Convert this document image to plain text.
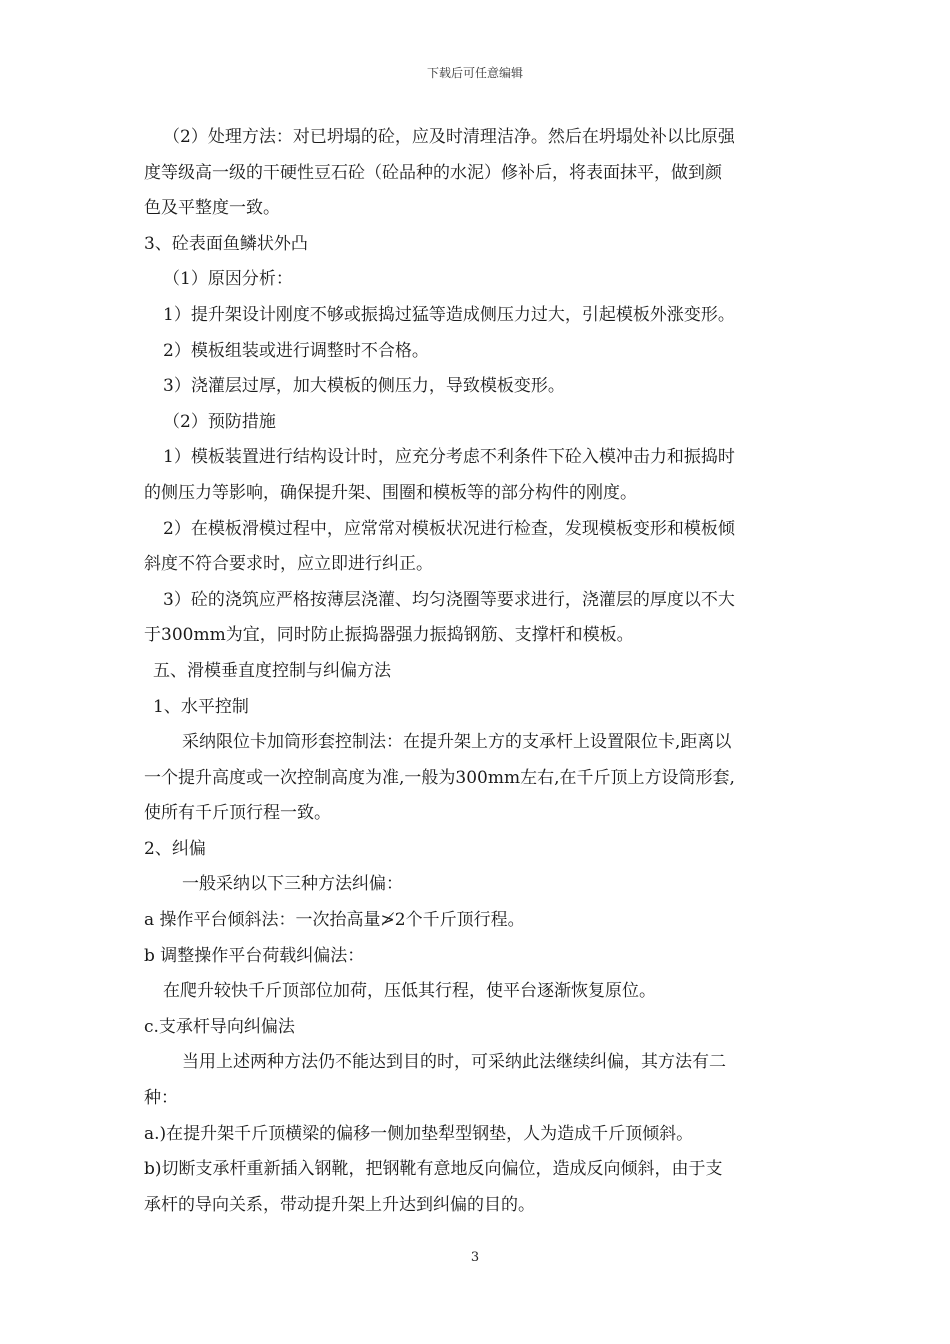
下载后可任意编辑
（2）处理方法：对已坍塌的砼，应及时清理洁净。然后在坍塌处补以比原强
度等级高一级的干硬性豆石砼（砼品种的水泥）修补后，将表面抹平，做到颜
色及平整度一致。
3、砼表面鱼鳞状外凸
（1）原因分析：
1）提升架设计刚度不够或振捣过猛等造成侧压力过大，引起模板外涨变形。
2）模板组装或进行调整时不合格。
3）浇灌层过厚，加大模板的侧压力，导致模板变形。
（2）预防措施
1）模板装置进行结构设计时，应充分考虑不利条件下砼入模冲击力和振捣时
的侧压力等影响，确保提升架、围圈和模板等的部分构件的刚度。
2）在模板滑模过程中，应常常对模板状况进行检查，发现模板变形和模板倾
斜度不符合要求时，应立即进行纠正。
3）砼的浇筑应严格按薄层浇灌、均匀浇圈等要求进行，浇灌层的厚度以不大
于300mm为宜，同时防止振捣器强力振捣钢筋、支撑杆和模板。
五、滑模垂直度控制与纠偏方法
1、水平控制
采纳限位卡加筒形套控制法：在提升架上方的支承杆上设置限位卡,距离以
一个提升高度或一次控制高度为准,一般为300mm左右,在千斤顶上方设筒形套,
使所有千斤顶行程一致。
2、纠偏
一般采纳以下三种方法纠偏：
a 操作平台倾斜法：一次抬高量≯2个千斤顶行程。
b 调整操作平台荷载纠偏法：
在爬升较快千斤顶部位加荷，压低其行程，使平台逐渐恢复原位。
c.支承杆导向纠偏法
当用上述两种方法仍不能达到目的时，可采纳此法继续纠偏，其方法有二
种：
a.)在提升架千斤顶横梁的偏移一侧加垫犁型钢垫，人为造成千斤顶倾斜。
b)切断支承杆重新插入钢靴，把钢靴有意地反向偏位，造成反向倾斜，由于支
承杆的导向关系，带动提升架上升达到纠偏的目的。
3
